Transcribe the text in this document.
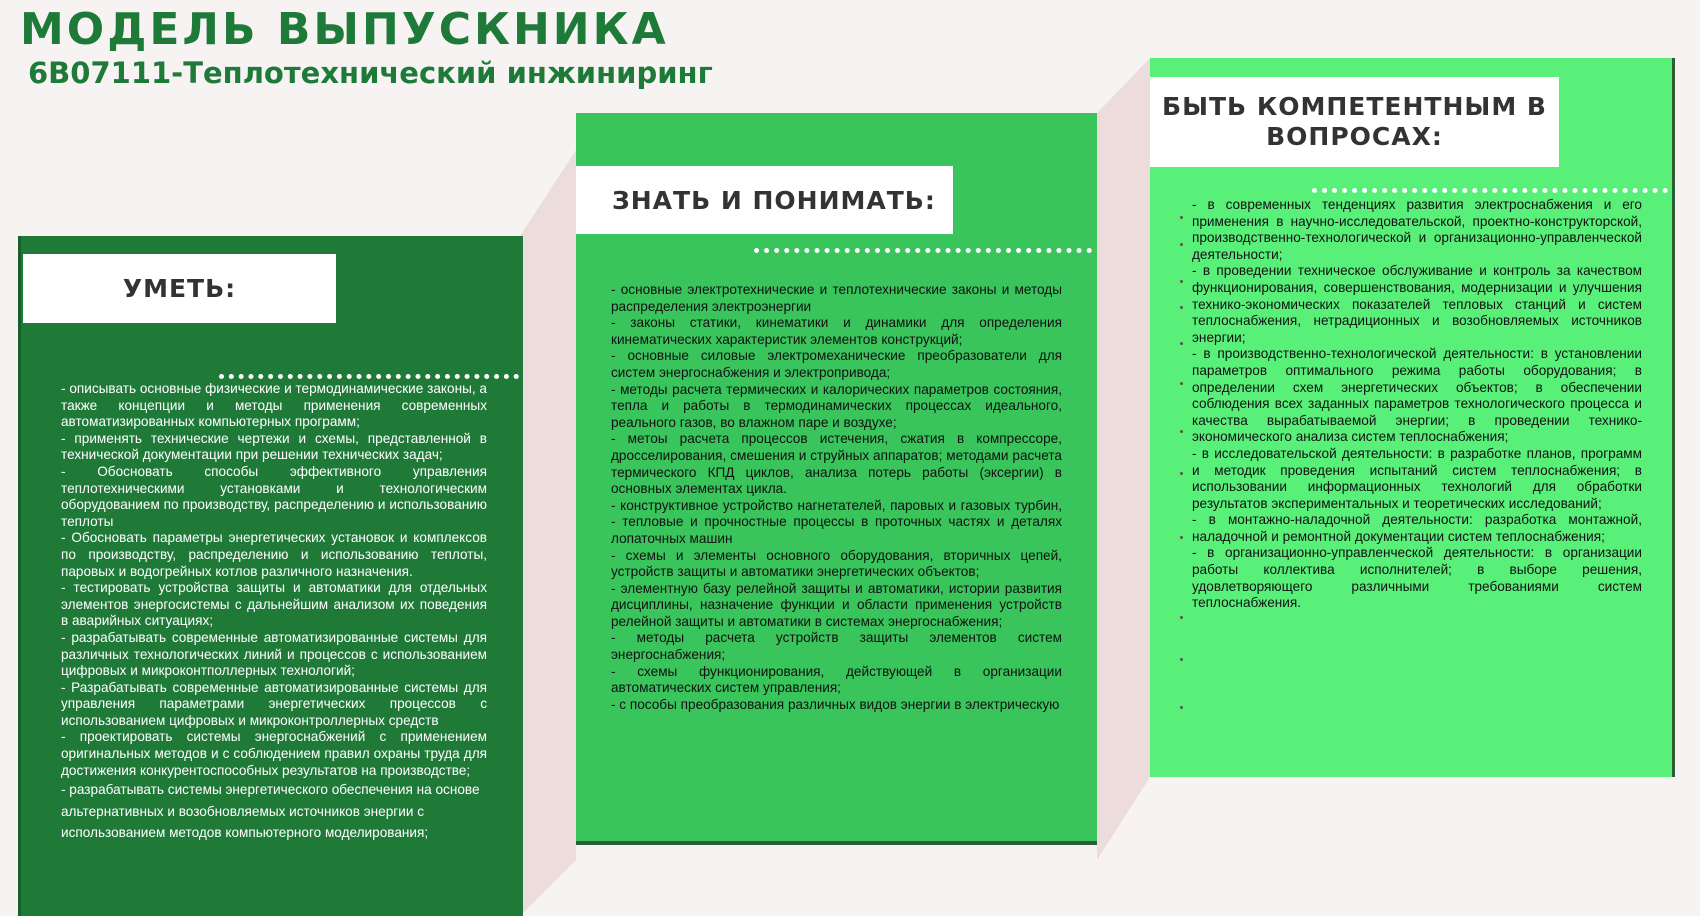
МОДЕЛЬ ВЫПУСКНИКА
6В07111-Теплотехнический инжиниринг
УМЕТЬ:
- описывать основные физические и термодинамические законы, а также концепции и методы применения современных автоматизированных компьютерных программ;
- применять технические чертежи и схемы, представленной в технической документации при решении технических задач;
- Обосновать способы эффективного управления теплотехническими установками и технологическим оборудованием по производству, распределению и использованию теплоты
- Обосновать параметры энергетических установок и комплексов по производству, распределению и использованию теплоты, паровых и водогрейных котлов различного назначения.
- тестировать устройства защиты и автоматики для отдельных элементов энергосистемы с дальнейшим анализом их поведения в аварийных ситуациях;
- разрабатывать современные автоматизированные системы для различных технологических линий и процессов с использованием цифровых и микроконтполлерных технологий;
- Разрабатывать современные автоматизированные системы для управления параметрами энергетических процессов с использованием цифровых и микроконтроллерных средств
- проектировать системы энергоснабжений с применением оригинальных методов и с соблюдением правил охраны труда для достижения конкурентоспособных результатов на производстве;
- разрабатывать системы энергетического обеспечения на основе альтернативных и возобновляемых источников энергии с использованием методов компьютерного моделирования;
ЗНАТЬ И ПОНИМАТЬ:
- основные электротехнические и теплотехнические законы и методы распределения электроэнергии
- законы статики, кинематики и динамики для определения кинематических характеристик элементов конструкций;
- основные силовые электромеханические преобразователи для систем энергоснабжения и электропривода;
- методы расчета термических и калорических параметров состояния, тепла и работы в термодинамических процессах идеального, реального газов, во влажном паре и воздухе;
- метоы расчета процессов истечения, сжатия в компрессоре, дросселирования, смешения и струйных аппаратов; методами расчета термического КПД циклов, анализа потерь работы (эксергии) в основных элементах цикла.
- конструктивное устройство нагнетателей, паровых и газовых турбин, - тепловые и прочностные процессы в проточных частях и деталях лопаточных машин
- схемы и элементы основного оборудования, вторичных цепей, устройств защиты и автоматики энергетических объектов;
- элементную базу релейной защиты и автоматики, истории развития дисциплины, назначение функции и области применения устройств релейной защиты и автоматики в системах энергоснабжения;
- методы расчета устройств защиты элементов систем энергоснабжения;
- схемы функционирования, действующей в организации автоматических систем управления;
- с пособы преобразования различных видов энергии в электрическую
БЫТЬ КОМПЕТЕНТНЫМ В ВОПРОСАХ:
- в современных тенденциях развития электроснабжения и его применения в научно-исследовательской, проектно-конструкторской, производственно-технологической и организационно-управленческой деятельности;
- в проведении техническое обслуживание и контроль за качеством функционирования, совершенствования, модернизации и улучшения технико-экономических показателей тепловых станций и систем теплоснабжения, нетрадиционных и возобновляемых источников энергии;
- в производственно-технологической деятельности: в установлении параметров оптимального режима работы оборудования; в определении схем энергетических объектов; в обеспечении соблюдения всех заданных параметров технологического процесса и качества вырабатываемой энергии; в проведении технико-экономического анализа систем теплоснабжения;
- в исследовательской деятельности: в разработке планов, программ и методик проведения испытаний систем теплоснабжения; в использовании информационных технологий для обработки результатов экспериментальных и теоретических исследований;
- в монтажно-наладочной деятельности: разработка монтажной, наладочной и ремонтной документации систем теплоснабжения;
- в организационно-управленческой деятельности: в организации работы коллектива исполнителей; в выборе решения, удовлетворяющего различными требованиями систем теплоснабжения.
